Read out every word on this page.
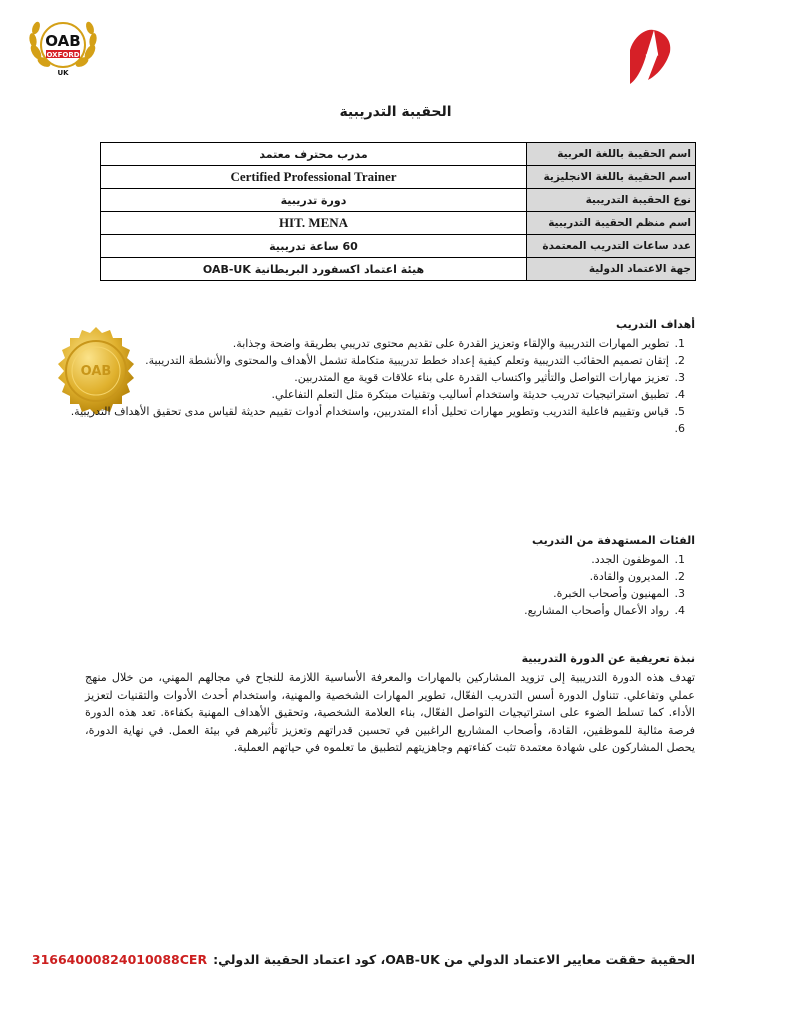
OAB
OXFORD
UK
OAB
الحقيبة التدريبية
اسم الحقيبة باللغة العربية	مدرب محترف معتمد
اسم الحقيبة باللغة الانجليزية	Certified Professional Trainer
نوع الحقيبة التدريبية	دورة تدريبية
اسم منظم الحقيبة التدريبية	HIT. MENA
عدد ساعات التدريب المعتمدة	60 ساعة تدريبية
جهة الاعتماد الدولية	هيئة اعتماد اكسفورد البريطانية OAB-UK
أهداف التدريب
1. تطوير المهارات التدريبية والإلقاء وتعزيز القدرة على تقديم محتوى تدريبي بطريقة واضحة وجذابة.
2. إتقان تصميم الحقائب التدريبية وتعلم كيفية إعداد خطط تدريبية متكاملة تشمل الأهداف والمحتوى والأنشطة التدريبية.
3. تعزيز مهارات التواصل والتأثير واكتساب القدرة على بناء علاقات قوية مع المتدربين.
4. تطبيق استراتيجيات تدريب حديثة واستخدام أساليب وتقنيات مبتكرة مثل التعلم التفاعلي.
5. قياس وتقييم فاعلية التدريب وتطوير مهارات تحليل أداء المتدربين، واستخدام أدوات تقييم حديثة لقياس مدى تحقيق الأهداف التدريبية.
6.
الفئات المستهدفة من التدريب
1. الموظفون الجدد.
2. المديرون والقادة.
3. المهنيون وأصحاب الخبرة.
4. رواد الأعمال وأصحاب المشاريع.
نبذة تعريفية عن الدورة التدريبية
تهدف هذه الدورة التدريبية إلى تزويد المشاركين بالمهارات والمعرفة الأساسية اللازمة للنجاح في مجالهم المهني، من خلال منهج عملي وتفاعلي. تتناول الدورة أسس التدريب الفعّال، تطوير المهارات الشخصية والمهنية، واستخدام أحدث الأدوات والتقنيات لتعزيز الأداء. كما تسلط الضوء على استراتيجيات التواصل الفعّال، بناء العلامة الشخصية، وتحقيق الأهداف المهنية بكفاءة. تعد هذه الدورة فرصة مثالية للموظفين، القادة، وأصحاب المشاريع الراغبين في تحسين قدراتهم وتعزيز تأثيرهم في بيئة العمل. في نهاية الدورة، يحصل المشاركون على شهادة معتمدة تثبت كفاءتهم وجاهزيتهم لتطبيق ما تعلموه في حياتهم العملية.
الحقيبة حققت معايير الاعتماد الدولي من OAB-UK، كود اعتماد الحقيبة الدولي:3166400082401008​8CER
